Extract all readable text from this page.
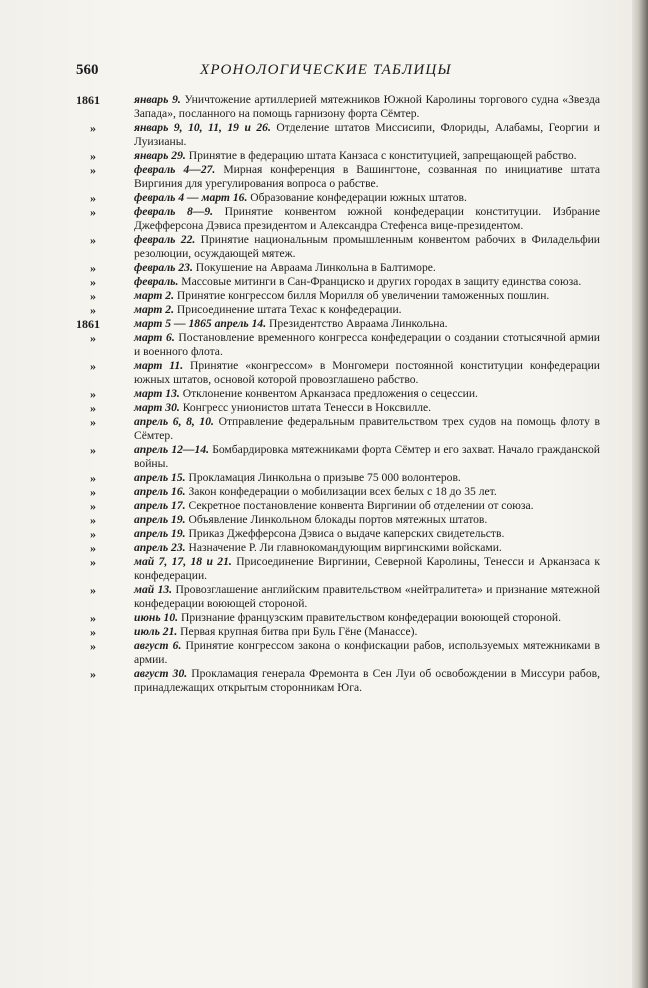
560	ХРОНОЛОГИЧЕСКИЕ ТАБЛИЦЫ
1861	январь 9. Уничтожение артиллерией мятежников Южной Каролины торгового судна «Звезда Запада», посланного на помощь гарнизону форта Сёмтер.
»	январь 9, 10, 11, 19 и 26. Отделение штатов Миссисипи, Флориды, Алабамы, Георгии и Луизианы.
»	январь 29. Принятие в федерацию штата Канзаса с конституцией, запрещающей рабство.
»	февраль 4—27. Мирная конференция в Вашингтоне, созванная по инициативе штата Виргиния для урегулирования вопроса о рабстве.
»	февраль 4 — март 16. Образование конфедерации южных штатов.
»	февраль 8—9. Принятие конвентом южной конфедерации конституции. Избрание Джефферсона Дэвиса президентом и Александра Стефенса вице-президентом.
»	февраль 22. Принятие национальным промышленным конвентом рабочих в Филадельфии резолюции, осуждающей мятеж.
»	февраль 23. Покушение на Авраама Линкольна в Балтиморе.
»	февраль. Массовые митинги в Сан-Франциско и других городах в защиту единства союза.
»	март 2. Принятие конгрессом билля Морилля об увеличении таможенных пошлин.
»	март 2. Присоединение штата Техас к конфедерации.
1861	март 5 — 1865 апрель 14. Президентство Авраама Линкольна.
»	март 6. Постановление временного конгресса конфедерации о создании стотысячной армии и военного флота.
»	март 11. Принятие «конгрессом» в Монгомери постоянной конституции конфедерации южных штатов, основой которой провозглашено рабство.
»	март 13. Отклонение конвентом Арканзаса предложения о сецессии.
»	март 30. Конгресс унионистов штата Тенесси в Ноксвилле.
»	апрель 6, 8, 10. Отправление федеральным правительством трех судов на помощь флоту в Сёмтер.
»	апрель 12—14. Бомбардировка мятежниками форта Сёмтер и его захват. Начало гражданской войны.
»	апрель 15. Прокламация Линкольна о призыве 75 000 волонтеров.
»	апрель 16. Закон конфедерации о мобилизации всех белых с 18 до 35 лет.
»	апрель 17. Секретное постановление конвента Виргинии об отделении от союза.
»	апрель 19. Объявление Линкольном блокады портов мятежных штатов.
»	апрель 19. Приказ Джефферсона Дэвиса о выдаче каперских свидетельств.
»	апрель 23. Назначение Р. Ли главнокомандующим виргинскими войсками.
»	май 7, 17, 18 и 21. Присоединение Виргинии, Северной Каролины, Тенесси и Арканзаса к конфедерации.
»	май 13. Провозглашение английским правительством «нейтралитета» и признание мятежной конфедерации воюющей стороной.
»	июнь 10. Признание французским правительством конфедерации воюющей стороной.
»	июль 21. Первая крупная битва при Буль Гёне (Манассе).
»	август 6. Принятие конгрессом закона о конфискации рабов, используемых мятежниками в армии.
»	август 30. Прокламация генерала Фремонта в Сен Луи об освобождении в Миссури рабов, принадлежащих открытым сторонникам Юга.
